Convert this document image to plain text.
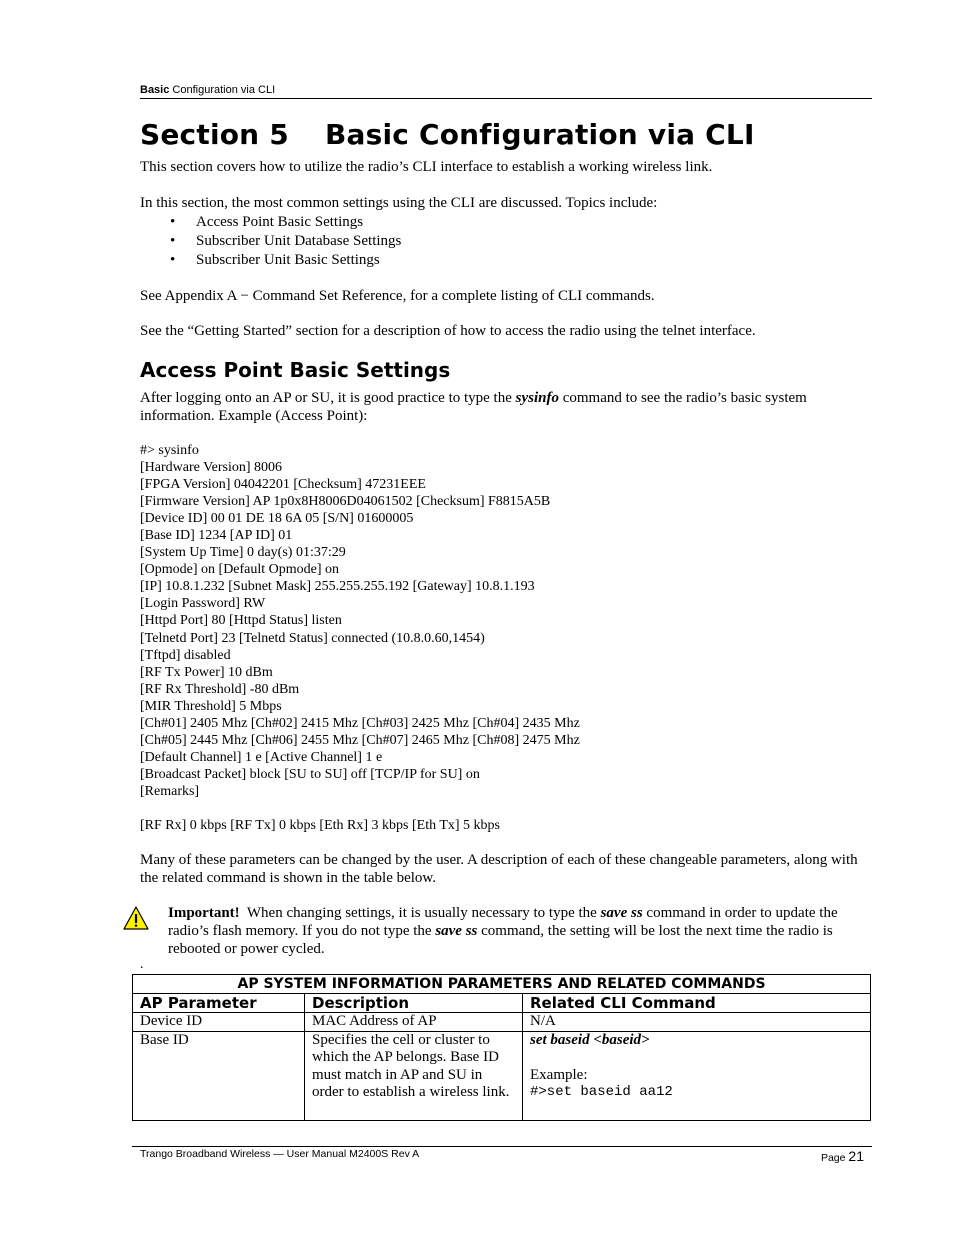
Basic Configuration via CLI
Section 5 Basic Configuration via CLI
This section covers how to utilize the radio’s CLI interface to establish a working wireless link.
In this section, the most common settings using the CLI are discussed. Topics include:
• Access Point Basic Settings
• Subscriber Unit Database Settings
• Subscriber Unit Basic Settings
See Appendix A − Command Set Reference, for a complete listing of CLI commands.
See the “Getting Started” section for a description of how to access the radio using the telnet interface.
Access Point Basic Settings
After logging onto an AP or SU, it is good practice to type the sysinfo command to see the radio’s basic system information. Example (Access Point):
#> sysinfo
[Hardware Version] 8006
[FPGA Version] 04042201 [Checksum] 47231EEE
[Firmware Version] AP 1p0x8H8006D04061502 [Checksum] F8815A5B
[Device ID] 00 01 DE 18 6A 05 [S/N] 01600005
[Base ID] 1234 [AP ID] 01
[System Up Time] 0 day(s) 01:37:29
[Opmode] on [Default Opmode] on
[IP] 10.8.1.232 [Subnet Mask] 255.255.255.192 [Gateway] 10.8.1.193
[Login Password] RW
[Httpd Port] 80 [Httpd Status] listen
[Telnetd Port] 23 [Telnetd Status] connected (10.8.0.60,1454)
[Tftpd] disabled
[RF Tx Power] 10 dBm
[RF Rx Threshold] -80 dBm
[MIR Threshold] 5 Mbps
[Ch#01] 2405 Mhz [Ch#02] 2415 Mhz [Ch#03] 2425 Mhz [Ch#04] 2435 Mhz
[Ch#05] 2445 Mhz [Ch#06] 2455 Mhz [Ch#07] 2465 Mhz [Ch#08] 2475 Mhz
[Default Channel] 1 e [Active Channel] 1 e
[Broadcast Packet] block [SU to SU] off [TCP/IP for SU] on
[Remarks]
[RF Rx] 0 kbps [RF Tx] 0 kbps [Eth Rx] 3 kbps [Eth Tx] 5 kbps
Many of these parameters can be changed by the user. A description of each of these changeable parameters, along with the related command is shown in the table below.
Important!  When changing settings, it is usually necessary to type the save ss command in order to update the radio’s flash memory. If you do not type the save ss command, the setting will be lost the next time the radio is rebooted or power cycled.
.
AP SYSTEM INFORMATION PARAMETERS AND RELATED COMMANDS		
AP Parameter	Description	Related CLI Command
Device ID	MAC Address of AP	N/A
Base ID	Specifies the cell or cluster to which the AP belongs. Base ID must match in AP and SU in order to establish a wireless link.	set baseid <baseid>
Example:
#>set baseid aa12
Trango Broadband Wireless — User Manual M2400S Rev A	Page 21
